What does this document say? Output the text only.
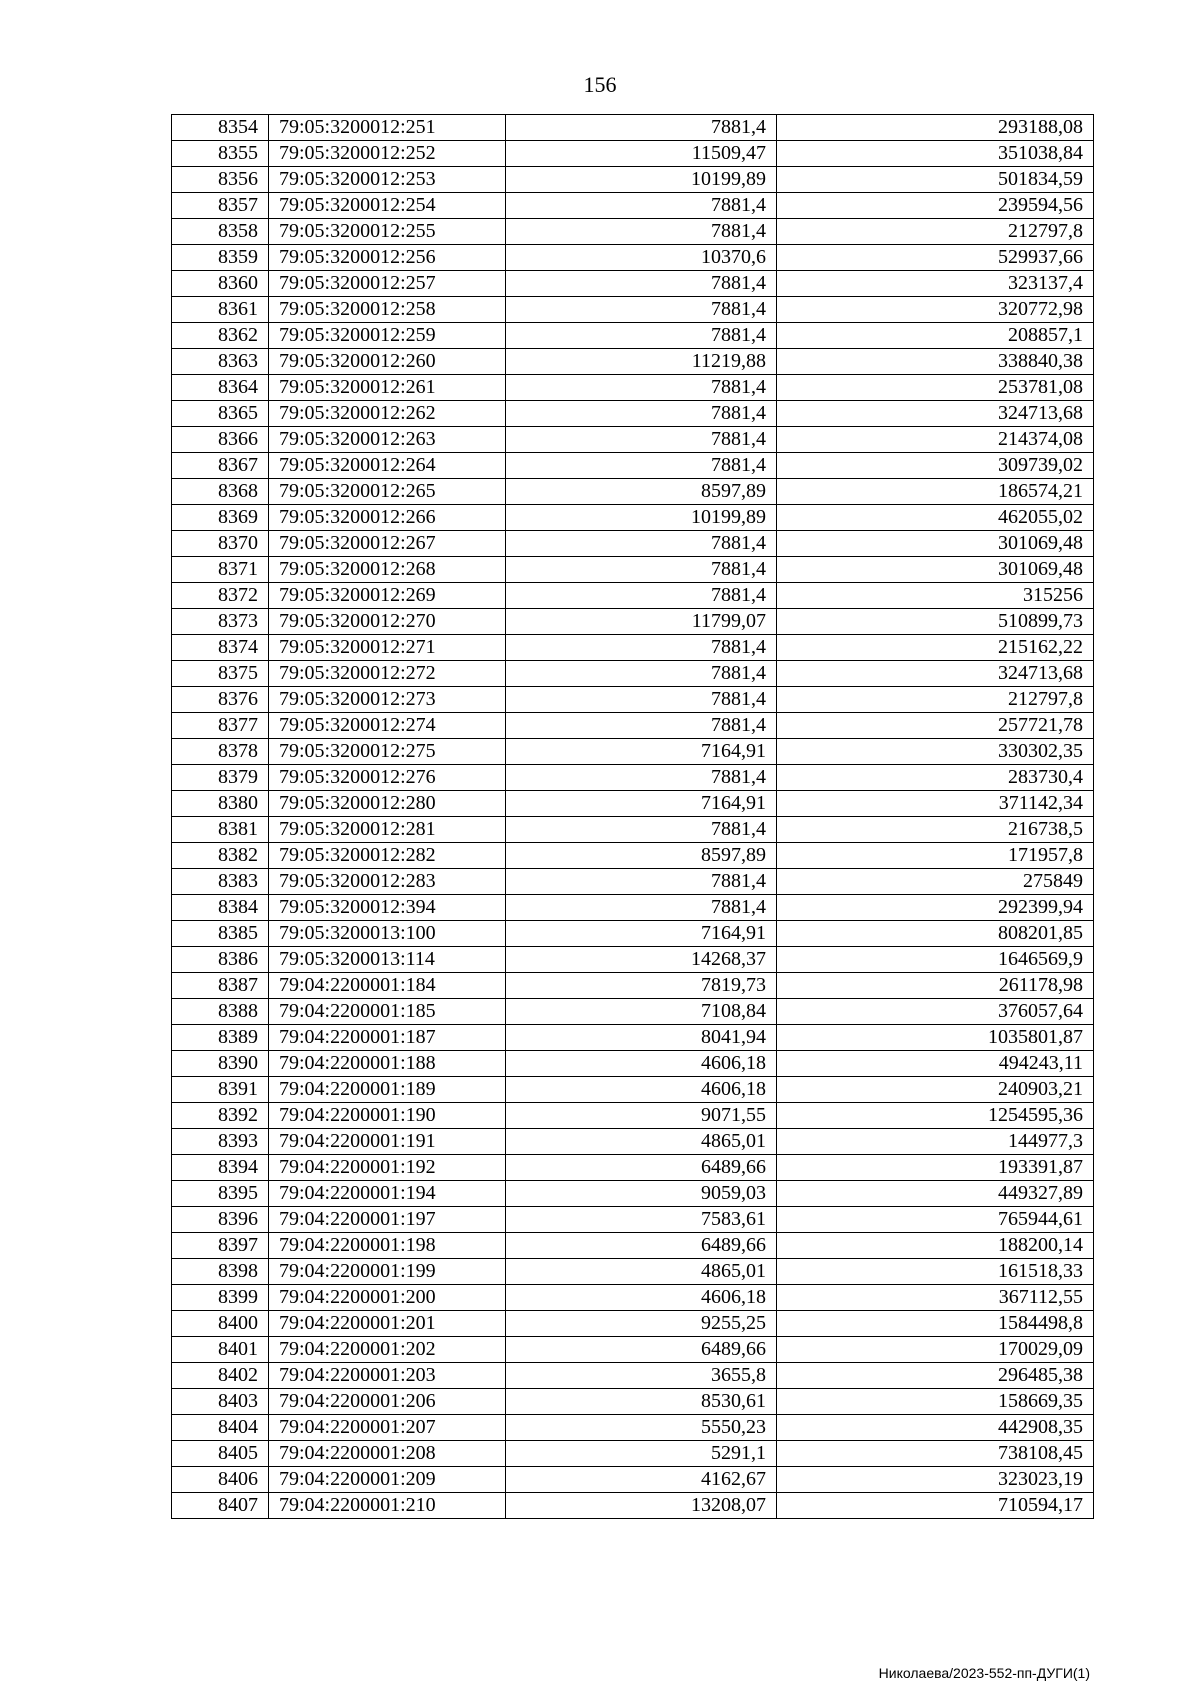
156
8354	79:05:3200012:251	7881,4	293188,08
8355	79:05:3200012:252	11509,47	351038,84
8356	79:05:3200012:253	10199,89	501834,59
8357	79:05:3200012:254	7881,4	239594,56
8358	79:05:3200012:255	7881,4	212797,8
8359	79:05:3200012:256	10370,6	529937,66
8360	79:05:3200012:257	7881,4	323137,4
8361	79:05:3200012:258	7881,4	320772,98
8362	79:05:3200012:259	7881,4	208857,1
8363	79:05:3200012:260	11219,88	338840,38
8364	79:05:3200012:261	7881,4	253781,08
8365	79:05:3200012:262	7881,4	324713,68
8366	79:05:3200012:263	7881,4	214374,08
8367	79:05:3200012:264	7881,4	309739,02
8368	79:05:3200012:265	8597,89	186574,21
8369	79:05:3200012:266	10199,89	462055,02
8370	79:05:3200012:267	7881,4	301069,48
8371	79:05:3200012:268	7881,4	301069,48
8372	79:05:3200012:269	7881,4	315256
8373	79:05:3200012:270	11799,07	510899,73
8374	79:05:3200012:271	7881,4	215162,22
8375	79:05:3200012:272	7881,4	324713,68
8376	79:05:3200012:273	7881,4	212797,8
8377	79:05:3200012:274	7881,4	257721,78
8378	79:05:3200012:275	7164,91	330302,35
8379	79:05:3200012:276	7881,4	283730,4
8380	79:05:3200012:280	7164,91	371142,34
8381	79:05:3200012:281	7881,4	216738,5
8382	79:05:3200012:282	8597,89	171957,8
8383	79:05:3200012:283	7881,4	275849
8384	79:05:3200012:394	7881,4	292399,94
8385	79:05:3200013:100	7164,91	808201,85
8386	79:05:3200013:114	14268,37	1646569,9
8387	79:04:2200001:184	7819,73	261178,98
8388	79:04:2200001:185	7108,84	376057,64
8389	79:04:2200001:187	8041,94	1035801,87
8390	79:04:2200001:188	4606,18	494243,11
8391	79:04:2200001:189	4606,18	240903,21
8392	79:04:2200001:190	9071,55	1254595,36
8393	79:04:2200001:191	4865,01	144977,3
8394	79:04:2200001:192	6489,66	193391,87
8395	79:04:2200001:194	9059,03	449327,89
8396	79:04:2200001:197	7583,61	765944,61
8397	79:04:2200001:198	6489,66	188200,14
8398	79:04:2200001:199	4865,01	161518,33
8399	79:04:2200001:200	4606,18	367112,55
8400	79:04:2200001:201	9255,25	1584498,8
8401	79:04:2200001:202	6489,66	170029,09
8402	79:04:2200001:203	3655,8	296485,38
8403	79:04:2200001:206	8530,61	158669,35
8404	79:04:2200001:207	5550,23	442908,35
8405	79:04:2200001:208	5291,1	738108,45
8406	79:04:2200001:209	4162,67	323023,19
8407	79:04:2200001:210	13208,07	710594,17
Николаева/2023-552-пп-ДУГИ(1)
